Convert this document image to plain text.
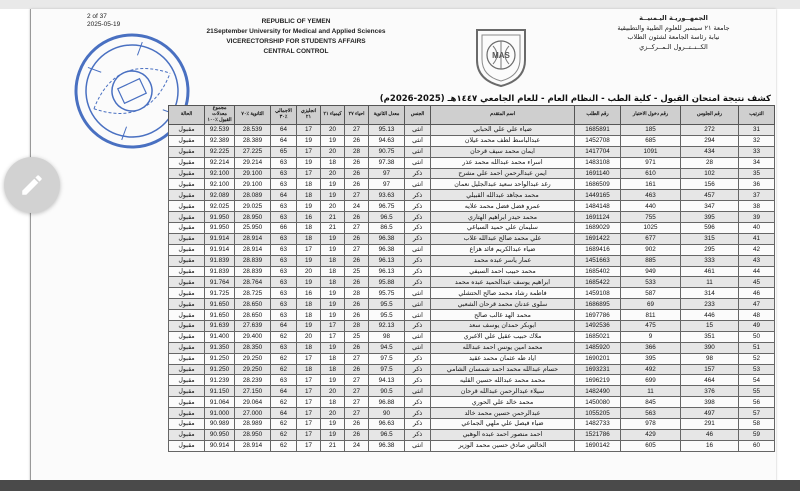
2 of 37
2025-05-19	REPUBLIC OF YEMEN
21September University for Medical and Applied Sciences
VICERECTORSHIP FOR STUDENTS AFFAIRS
CENTRAL CONTROL	MAS
الجمهــوريـة اليـمنيــة
جامعة ٢١ سبتمبر للعلوم الطبية والتطبيقية
نيابة رئاسة الجامعة لشئون الطلاب
الكــنــتــرول الـمــركــزي
كشف نتيجة امتحان القبول - كلية الطب - النظام العام - للعام الجامعي ١٤٤٧هـ (2025-2026م)
الحالة	مجموع معدلات القبول ٪١٠٠	الثانوية ٪٧٠	الاجمالي ٪٣٠	انجليزي ٢١	كيمياء ٢١	احياء ٢٧	معدل الثانوية	الجنس	اسم المتقدم	رقم الطلب	رقم دخول الاختبار	رقم الجلوس	الترتيب
مقبول	92.539	28.539	64	17	20	27	95.13	انثى	ضياء علي علي الحبابي	1685891	185	272	31
مقبول	92.389	28.389	64	19	19	26	94.63	انثى	عبدالباسط لطف محمد غيلان	1452708	685	294	32
مقبول	92.225	27.225	65	17	20	28	90.75	انثى	ايمان محمد سيف قرحان	1417704	1091	434	33
مقبول	92.214	29.214	63	19	18	26	97.38	انثى	اسراء محمد عبدالله محمد عذر	1483108	971	28	34
مقبول	92.100	29.100	63	17	20	26	97	ذكر	ايمن عبدالرحمن احمد علي مشرح	1691140	610	102	35
مقبول	92.100	29.100	63	18	19	26	97	انثى	رغد عبدالواحد سعيد عبدالجليل نعمان	1686509	161	156	36
مقبول	92.089	28.089	64	18	19	27	93.63	ذكر	محمد مجاهد عبدالله القبيلي	1449165	463	457	37
مقبول	92.025	29.025	63	19	20	24	96.75	ذكر	عمرو فضل فضل محمد علايه	1484148	440	347	38
مقبول	91.950	28.950	63	16	21	26	96.5	ذكر	محمد حيدر ابراهيم الهتاري	1691124	755	395	39
مقبول	91.950	25.950	66	18	21	27	86.5	ذكر	سليمان علي حميد السياغي	1689029	1025	596	40
مقبول	91.914	28.914	63	18	19	26	96.38	ذكر	علي محمد صالح عبدالله غلاب	1691422	677	315	41
مقبول	91.914	28.914	63	17	19	27	96.38	انثى	ضياء عبدالكريم فائد هزاع	1689416	902	295	42
مقبول	91.839	28.839	63	19	18	26	96.13	ذكر	عمار ياسر عبده محمد	1451663	885	333	43
مقبول	91.839	28.839	63	20	18	25	96.13	ذكر	محمد حبيب احمد السيفي	1685402	949	461	44
مقبول	91.764	28.764	63	19	18	26	95.88	ذكر	ابراهيم يوسف عبدالحميد عبده محمد	1685422	533	11	45
مقبول	91.725	28.725	63	16	19	28	95.75	انثى	فاطمة رشاد محمد صالح الحتشلي	1459108	587	314	46
مقبول	91.650	28.650	63	18	19	26	95.5	انثى	سلوى عدنان محمد قرحان الشعبي	1686895	69	233	47
مقبول	91.650	28.650	63	18	19	26	95.5	انثى	محمد الهد غالب صالح	1697786	811	446	48
مقبول	91.639	27.639	64	19	17	28	92.13	ذكر	ابوبكر حمدان يوسف سعد	1492536	475	15	49
مقبول	91.400	29.400	62	20	17	25	98	انثى	ملاك حبيب عقيل علي الاغبري	1685021	9	351	50
مقبول	91.350	28.350	63	18	19	26	94.5	انثى	محمد امين يونس احمد عبدالله	1485920	366	390	51
مقبول	91.250	29.250	62	17	18	27	97.5	ذكر	اياد طه عثمان محمد عقيد	1690201	395	98	52
مقبول	91.250	29.250	62	18	18	26	97.5	ذكر	حسام عبدالله محمد احمد شمسان الشامي	1693231	492	157	53
مقبول	91.239	28.239	63	17	19	27	94.13	ذكر	محمد محمد عبدالله حسين القليه	1696219	699	464	54
مقبول	91.150	27.150	64	17	20	27	90.5	انثى	سيلاء عبدالرحمن عبدالله قرحان	1482490	11	376	55
مقبول	91.064	29.064	62	17	18	27	96.88	ذكر	محمد خالد علي الحوري	1450080	845	398	56
مقبول	91.000	27.000	64	17	20	27	90	ذكر	عبدالرحمن حسين محمد خالد	1055205	563	497	57
مقبول	90.989	28.989	62	17	19	26	96.63	ذكر	ضياء فيصل علي ملهي الجماعي	1482733	978	291	58
مقبول	90.950	28.950	62	17	19	26	96.5	ذكر	احمد منصور احمد عبده الوهبي	1521786	429	46	59
مقبول	90.914	28.914	62	17	21	24	96.38	انثى	الخالص صادق حسين محمد الوزير	1690142	605	16	60
